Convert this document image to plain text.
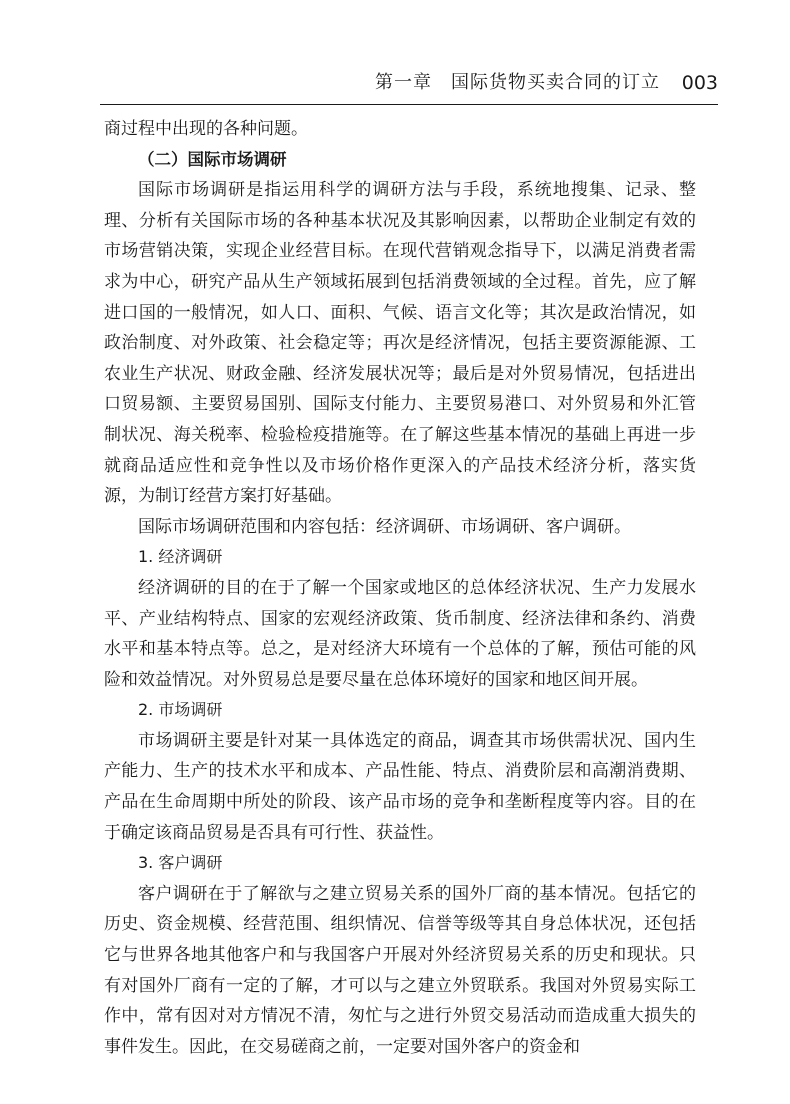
第一章　国际货物买卖合同的订立 003

商过程中出现的各种问题。

（二）国际市场调研

国际市场调研是指运用科学的调研方法与手段，系统地搜集、记录、整理、分析有关国际市场的各种基本状况及其影响因素，以帮助企业制定有效的市场营销决策，实现企业经营目标。在现代营销观念指导下，以满足消费者需求为中心，研究产品从生产领域拓展到包括消费领域的全过程。首先，应了解进口国的一般情况，如人口、面积、气候、语言文化等；其次是政治情况，如政治制度、对外政策、社会稳定等；再次是经济情况，包括主要资源能源、工农业生产状况、财政金融、经济发展状况等；最后是对外贸易情况，包括进出口贸易额、主要贸易国别、国际支付能力、主要贸易港口、对外贸易和外汇管制状况、海关税率、检验检疫措施等。在了解这些基本情况的基础上再进一步就商品适应性和竞争性以及市场价格作更深入的产品技术经济分析，落实货源，为制订经营方案打好基础。

国际市场调研范围和内容包括：经济调研、市场调研、客户调研。

1. 经济调研

经济调研的目的在于了解一个国家或地区的总体经济状况、生产力发展水平、产业结构特点、国家的宏观经济政策、货币制度、经济法律和条约、消费水平和基本特点等。总之，是对经济大环境有一个总体的了解，预估可能的风险和效益情况。对外贸易总是要尽量在总体环境好的国家和地区间开展。

2. 市场调研

市场调研主要是针对某一具体选定的商品，调查其市场供需状况、国内生产能力、生产的技术水平和成本、产品性能、特点、消费阶层和高潮消费期、产品在生命周期中所处的阶段、该产品市场的竞争和垄断程度等内容。目的在于确定该商品贸易是否具有可行性、获益性。

3. 客户调研

客户调研在于了解欲与之建立贸易关系的国外厂商的基本情况。包括它的历史、资金规模、经营范围、组织情况、信誉等级等其自身总体状况，还包括它与世界各地其他客户和与我国客户开展对外经济贸易关系的历史和现状。只有对国外厂商有一定的了解，才可以与之建立外贸联系。我国对外贸易实际工作中，常有因对对方情况不清，匆忙与之进行外贸交易活动而造成重大损失的事件发生。因此，在交易磋商之前，一定要对国外客户的资金和
